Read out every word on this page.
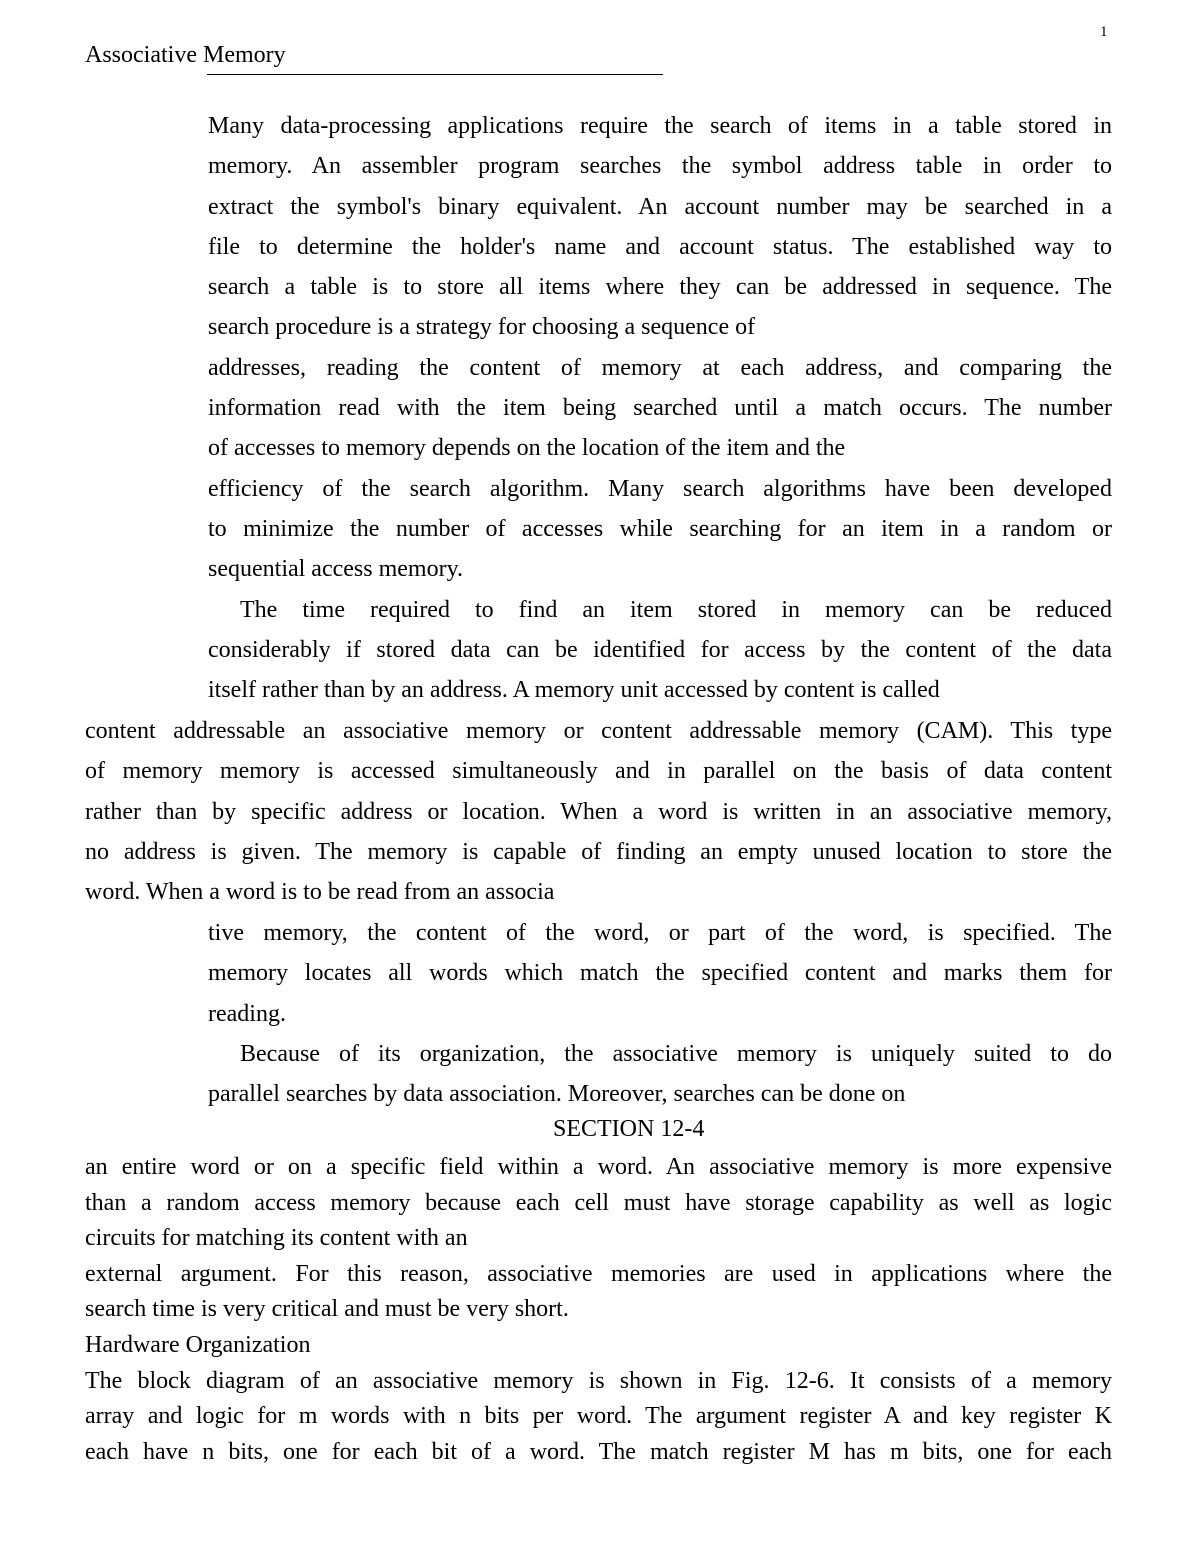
1
Associative Memory
Many data-processing applications require the search of items in a table stored in
memory. An assembler program searches the symbol address table in order to
extract the symbol's binary equivalent. An account number may be searched in a
file to determine the holder's name and account status. The established way to
search a table is to store all items where they can be addressed in sequence. The
search procedure is a strategy for choosing a sequence of
addresses, reading the content of memory at each address, and comparing the
information read with the item being searched until a match occurs. The number
of accesses to memory depends on the location of the item and the
efficiency of the search algorithm. Many search algorithms have been developed
to minimize the number of accesses while searching for an item in a random or
sequential access memory.
The time required to find an item stored in memory can be reduced
considerably if stored data can be identified for access by the content of the data
itself rather than by an address. A memory unit accessed by content is called
content addressable an associative memory or content addressable memory (CAM). This type
of memory memory is accessed simultaneously and in parallel on the basis of data content
rather than by specific address or location. When a word is written in an associative memory,
no address is given. The memory is capable of finding an empty unused location to store the
word. When a word is to be read from an associa
tive memory, the content of the word, or part of the word, is specified. The
memory locates all words which match the specified content and marks them for
reading.
Because of its organization, the associative memory is uniquely suited to do
parallel searches by data association. Moreover, searches can be done on
SECTION 12-4
an entire word or on a specific field within a word. An associative memory is more expensive
than a random access memory because each cell must have storage capability as well as logic
circuits for matching its content with an
external argument. For this reason, associative memories are used in applications where the
search time is very critical and must be very short.
Hardware Organization
The block diagram of an associative memory is shown in Fig. 12-6. It consists of a memory
array and logic for m words with n bits per word. The argument register A and key register K
each have n bits, one for each bit of a word. The match register M has m bits, one for each
